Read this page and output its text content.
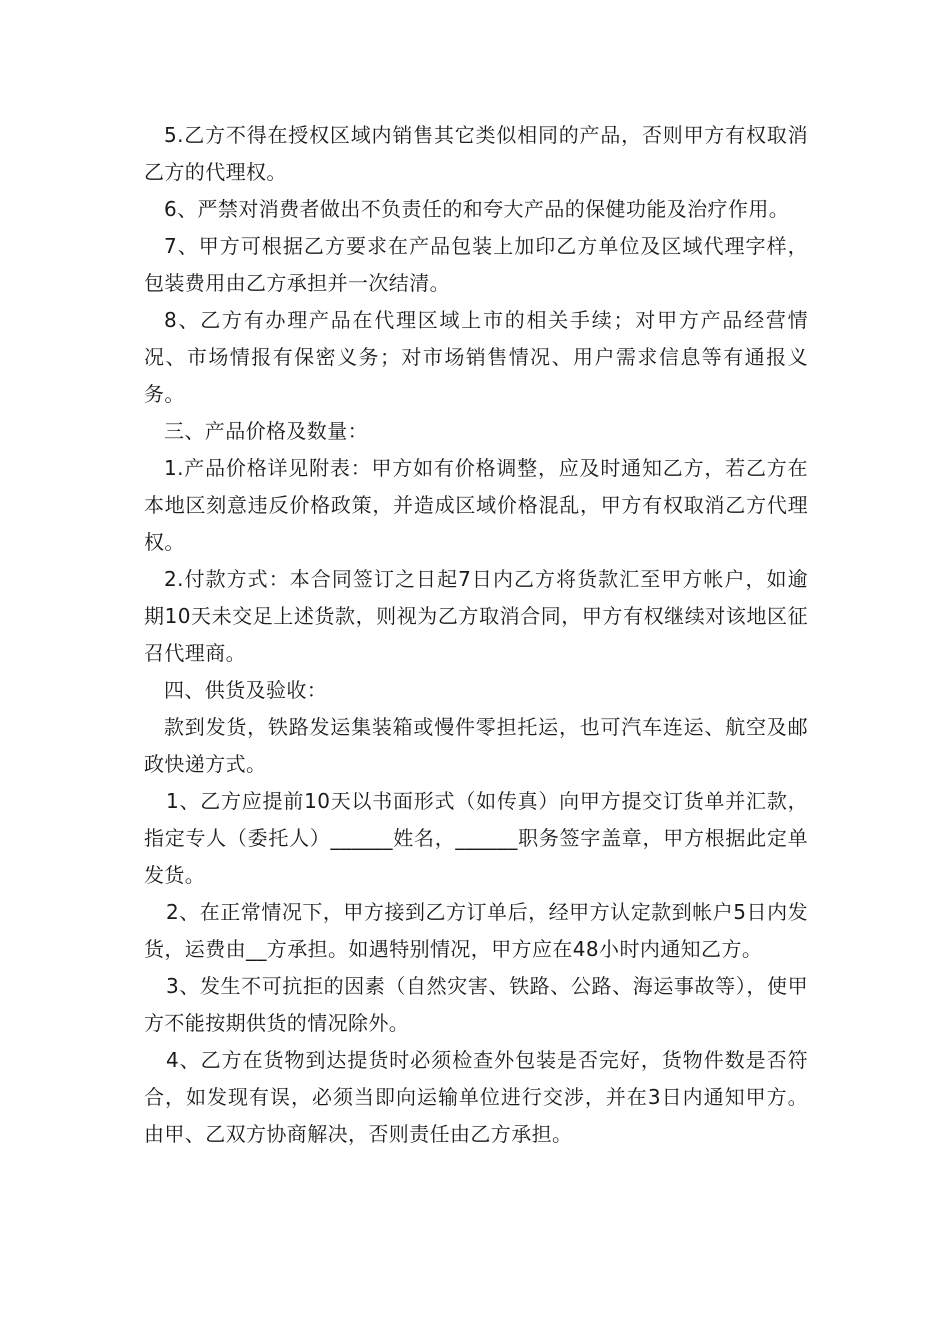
5.乙方不得在授权区域内销售其它类似相同的产品，否则甲方有权取消乙方的代理权。

6、严禁对消费者做出不负责任的和夸大产品的保健功能及治疗作用。

7、甲方可根据乙方要求在产品包装上加印乙方单位及区域代理字样，包装费用由乙方承担并一次结清。

8、乙方有办理产品在代理区域上市的相关手续；对甲方产品经营情况、市场情报有保密义务；对市场销售情况、用户需求信息等有通报义务。

三、产品价格及数量：

1.产品价格详见附表：甲方如有价格调整，应及时通知乙方，若乙方在本地区刻意违反价格政策，并造成区域价格混乱，甲方有权取消乙方代理权。

2.付款方式：本合同签订之日起7日内乙方将货款汇至甲方帐户，如逾期10天未交足上述货款，则视为乙方取消合同，甲方有权继续对该地区征召代理商。

四、供货及验收：

款到发货，铁路发运集装箱或慢件零担托运，也可汽车连运、航空及邮政快递方式。

1、乙方应提前10天以书面形式（如传真）向甲方提交订货单并汇款，指定专人（委托人）______姓名，______职务签字盖章，甲方根据此定单发货。

2、在正常情况下，甲方接到乙方订单后，经甲方认定款到帐户5日内发货，运费由__方承担。如遇特别情况，甲方应在48小时内通知乙方。

3、发生不可抗拒的因素（自然灾害、铁路、公路、海运事故等），使甲方不能按期供货的情况除外。

4、乙方在货物到达提货时必须检查外包装是否完好，货物件数是否符合，如发现有误，必须当即向运输单位进行交涉，并在3日内通知甲方。由甲、乙双方协商解决，否则责任由乙方承担。
